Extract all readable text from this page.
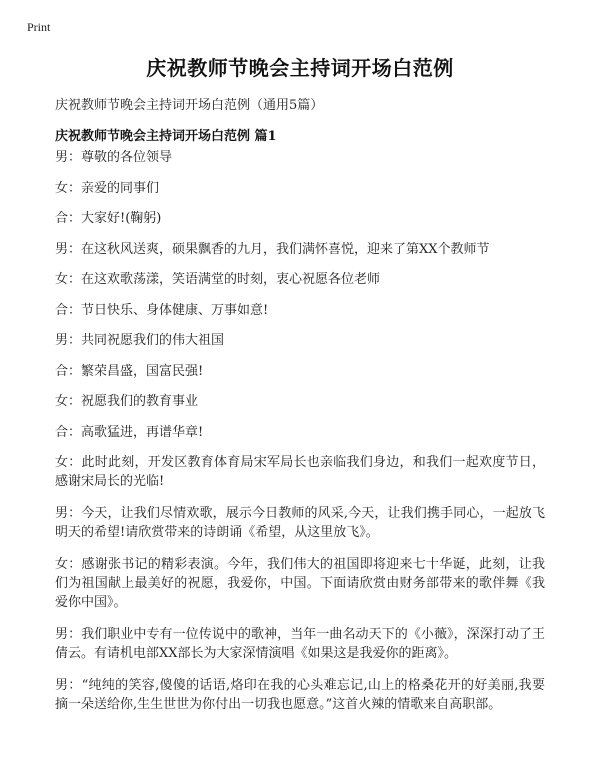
Print
庆祝教师节晚会主持词开场白范例
庆祝教师节晚会主持词开场白范例（通用5篇）
庆祝教师节晚会主持词开场白范例 篇1
男：尊敬的各位领导
女：亲爱的同事们
合：大家好!(鞠躬)
男：在这秋风送爽，硕果飘香的九月，我们满怀喜悦，迎来了第XX个教师节
女：在这欢歌荡漾，笑语满堂的时刻，衷心祝愿各位老师
合：节日快乐、身体健康、万事如意!
男：共同祝愿我们的伟大祖国
合：繁荣昌盛，国富民强!
女：祝愿我们的教育事业
合：高歌猛进，再谱华章!
女：此时此刻，开发区教育体育局宋军局长也亲临我们身边，和我们一起欢度节日，感谢宋局长的光临!
男：今天，让我们尽情欢歌，展示今日教师的风采,今天，让我们携手同心，一起放飞明天的希望!请欣赏带来的诗朗诵《希望，从这里放飞》。
女：感谢张书记的精彩表演。今年，我们伟大的祖国即将迎来七十华诞，此刻，让我们为祖国献上最美好的祝愿，我爱你，中国。下面请欣赏由财务部带来的歌伴舞《我爱你中国》。
男：我们职业中专有一位传说中的歌神，当年一曲名动天下的《小薇》，深深打动了王倩云。有请机电部XX部长为大家深情演唱《如果这是我爱你的距离》。
男：“纯纯的笑容,傻傻的话语,烙印在我的心头难忘记,山上的格桑花开的好美丽,我要摘一朵送给你,生生世世为你付出一切我也愿意。”这首火辣的情歌来自高职部。
